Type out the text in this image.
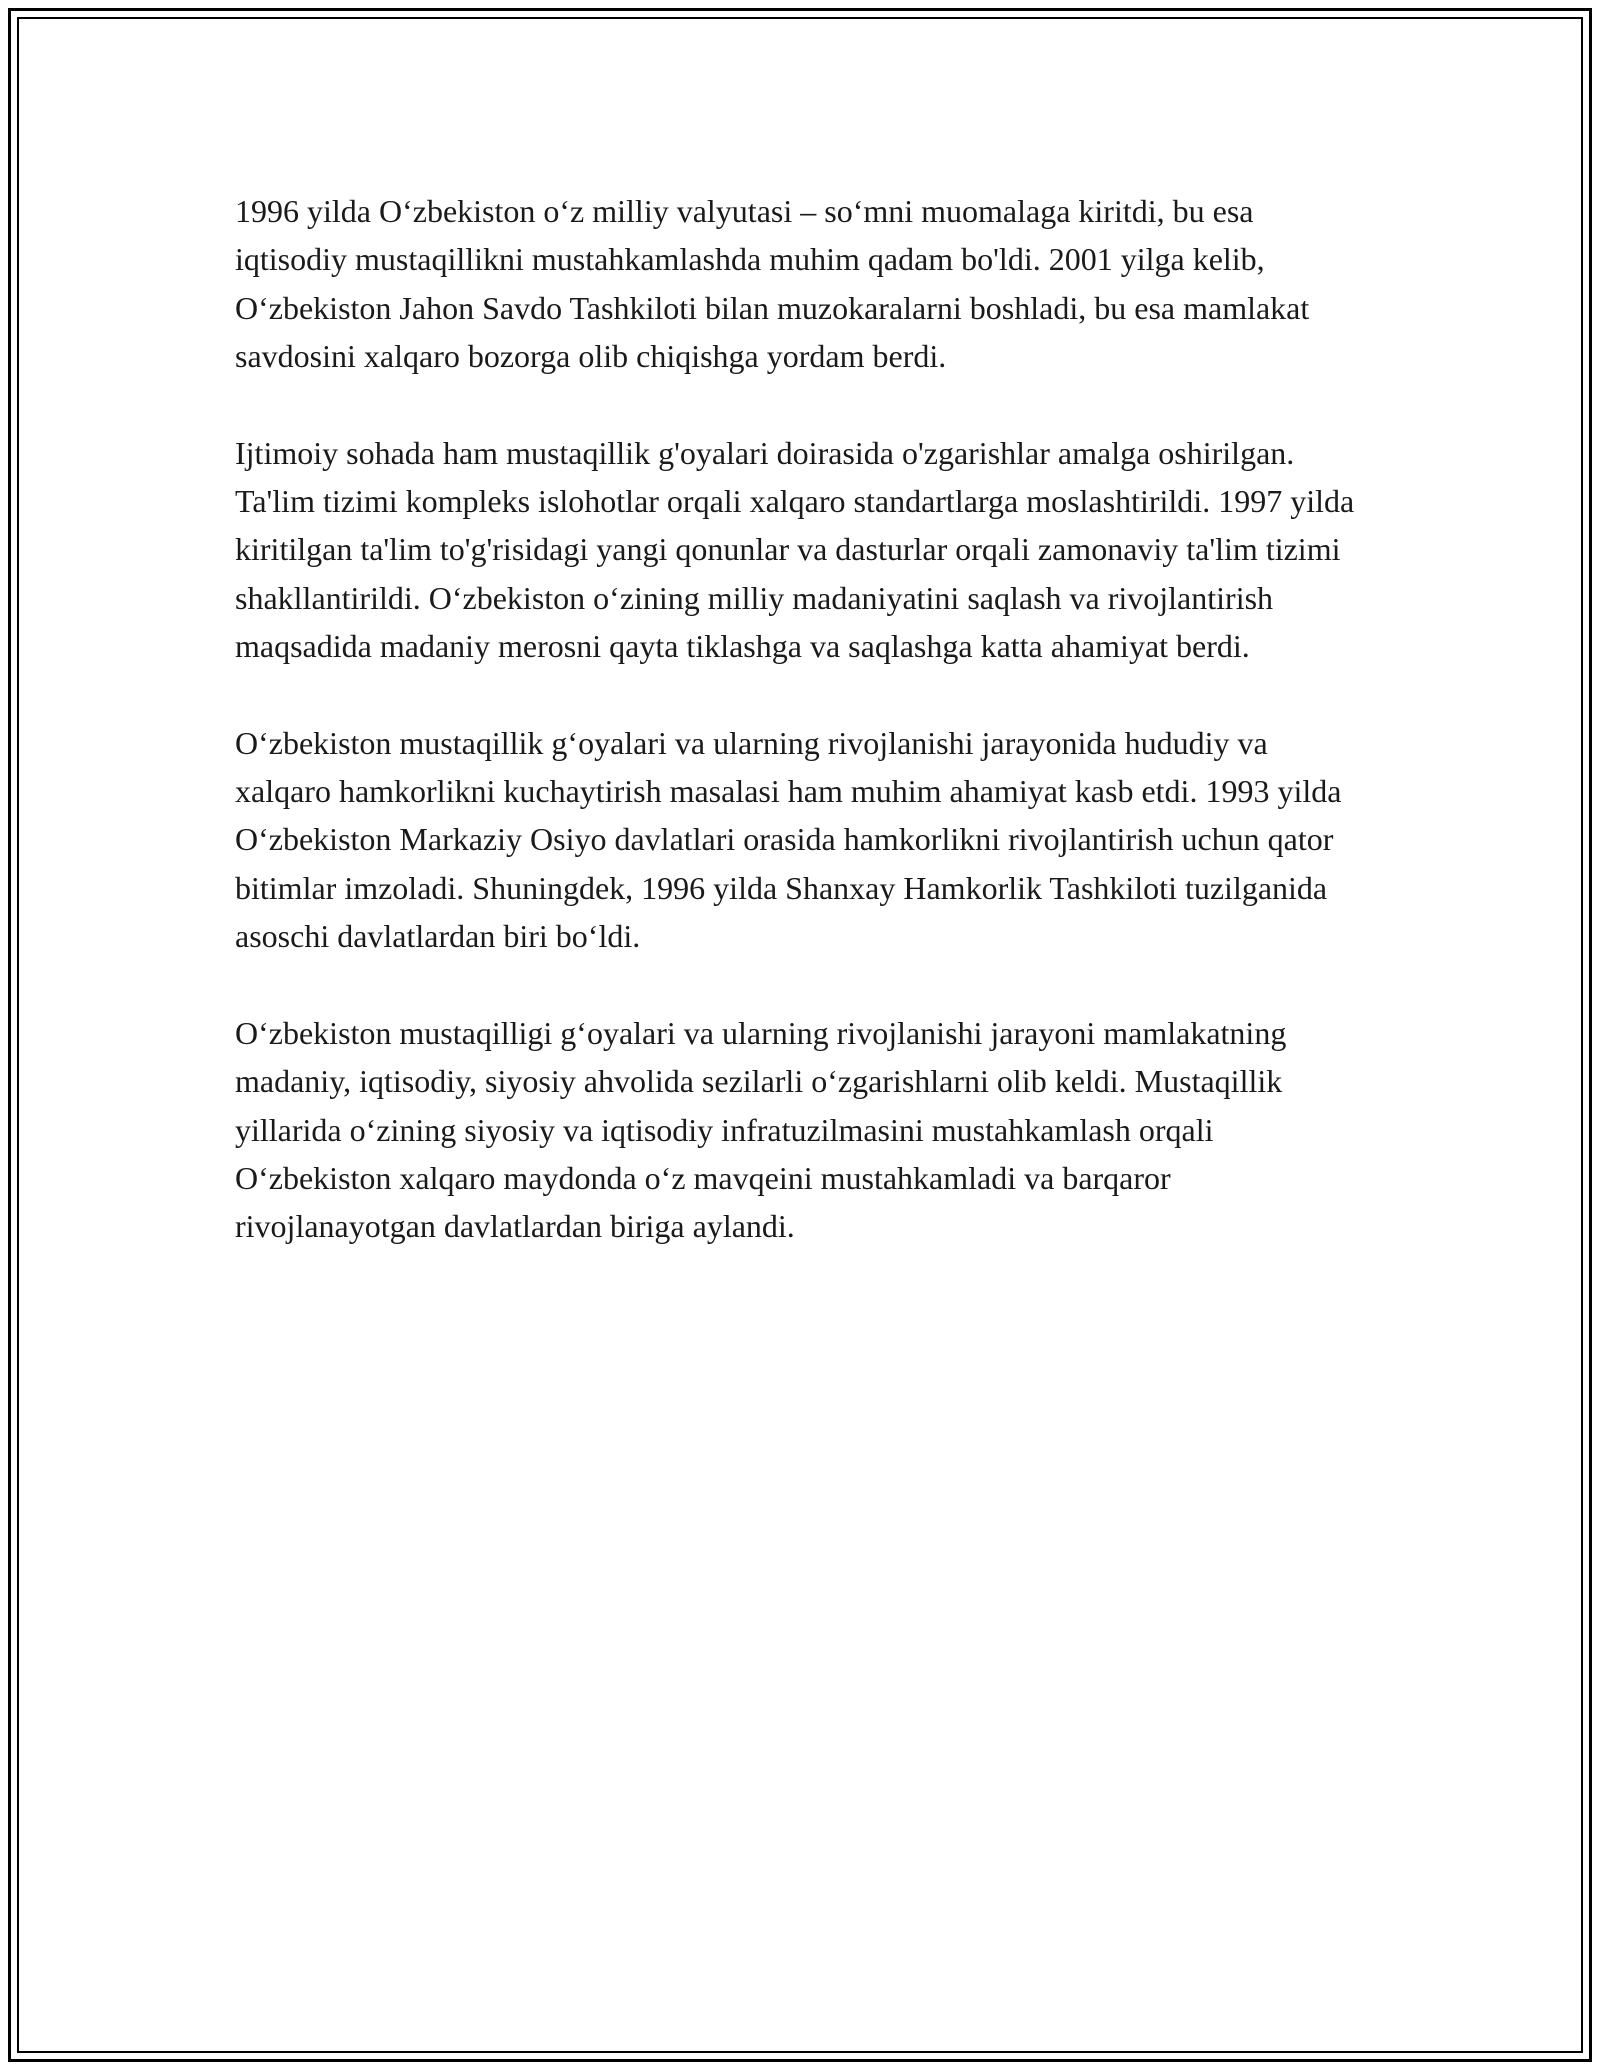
1996 yilda O‘zbekiston o‘z milliy valyutasi – so‘mni muomalaga kiritdi, bu esa iqtisodiy mustaqillikni mustahkamlashda muhim qadam bo'ldi. 2001 yilga kelib, O‘zbekiston Jahon Savdo Tashkiloti bilan muzokaralarni boshladi, bu esa mamlakat savdosini xalqaro bozorga olib chiqishga yordam berdi.

Ijtimoiy sohada ham mustaqillik g'oyalari doirasida o'zgarishlar amalga oshirilgan. Ta'lim tizimi kompleks islohotlar orqali xalqaro standartlarga moslashtirildi. 1997 yilda kiritilgan ta'lim to'g'risidagi yangi qonunlar va dasturlar orqali zamonaviy ta'lim tizimi shakllantirildi. O‘zbekiston o‘zining milliy madaniyatini saqlash va rivojlantirish maqsadida madaniy merosni qayta tiklashga va saqlashga katta ahamiyat berdi.

O‘zbekiston mustaqillik g‘oyalari va ularning rivojlanishi jarayonida hududiy va xalqaro hamkorlikni kuchaytirish masalasi ham muhim ahamiyat kasb etdi. 1993 yilda O‘zbekiston Markaziy Osiyo davlatlari orasida hamkorlikni rivojlantirish uchun qator bitimlar imzoladi. Shuningdek, 1996 yilda Shanxay Hamkorlik Tashkiloti tuzilganida asoschi davlatlardan biri bo‘ldi.

O‘zbekiston mustaqilligi g‘oyalari va ularning rivojlanishi jarayoni mamlakatning madaniy, iqtisodiy, siyosiy ahvolida sezilarli o‘zgarishlarni olib keldi. Mustaqillik yillarida o‘zining siyosiy va iqtisodiy infratuzilmasini mustahkamlash orqali O‘zbekiston xalqaro maydonda o‘z mavqeini mustahkamladi va barqaror rivojlanayotgan davlatlardan biriga aylandi.
